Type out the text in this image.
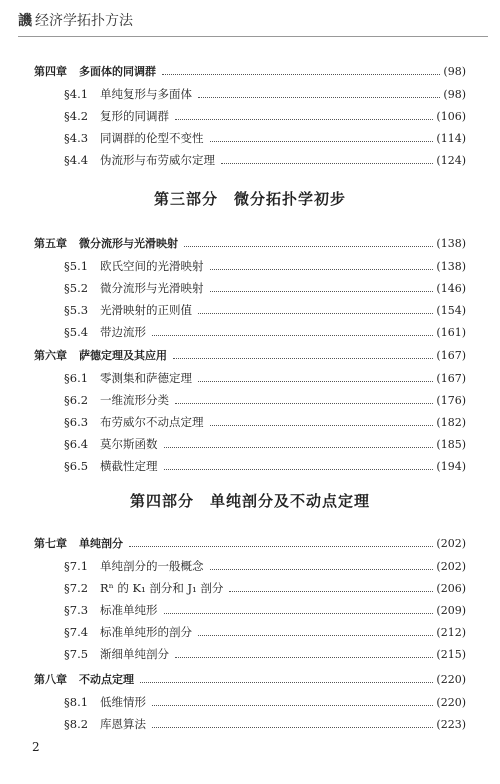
譏 经济学拓扑方法
第三部分　微分拓扑学初步
第四部分　单纯剖分及不动点定理
第四章 多面体的同调群	(98)
§4.1 单纯复形与多面体	(98)
§4.2 复形的同调群	(106)
§4.3 同调群的伦型不变性	(114)
§4.4 伪流形与布劳威尔定理	(124)
第五章 微分流形与光滑映射	(138)
§5.1 欧氏空间的光滑映射	(138)
§5.2 微分流形与光滑映射	(146)
§5.3 光滑映射的正则值	(154)
§5.4 带边流形	(161)
第六章 萨德定理及其应用	(167)
§6.1 零测集和萨德定理	(167)
§6.2 一维流形分类	(176)
§6.3 布劳威尔不动点定理	(182)
§6.4 莫尔斯函数	(185)
§6.5 横截性定理	(194)
第七章 单纯剖分	(202)
§7.1 单纯剖分的一般概念	(202)
§7.2 Rⁿ 的 K₁ 剖分和 J₁ 剖分	(206)
§7.3 标准单纯形	(209)
§7.4 标准单纯形的剖分	(212)
§7.5 渐细单纯剖分	(215)
第八章 不动点定理	(220)
§8.1 低维情形	(220)
§8.2 库恩算法	(223)
2
